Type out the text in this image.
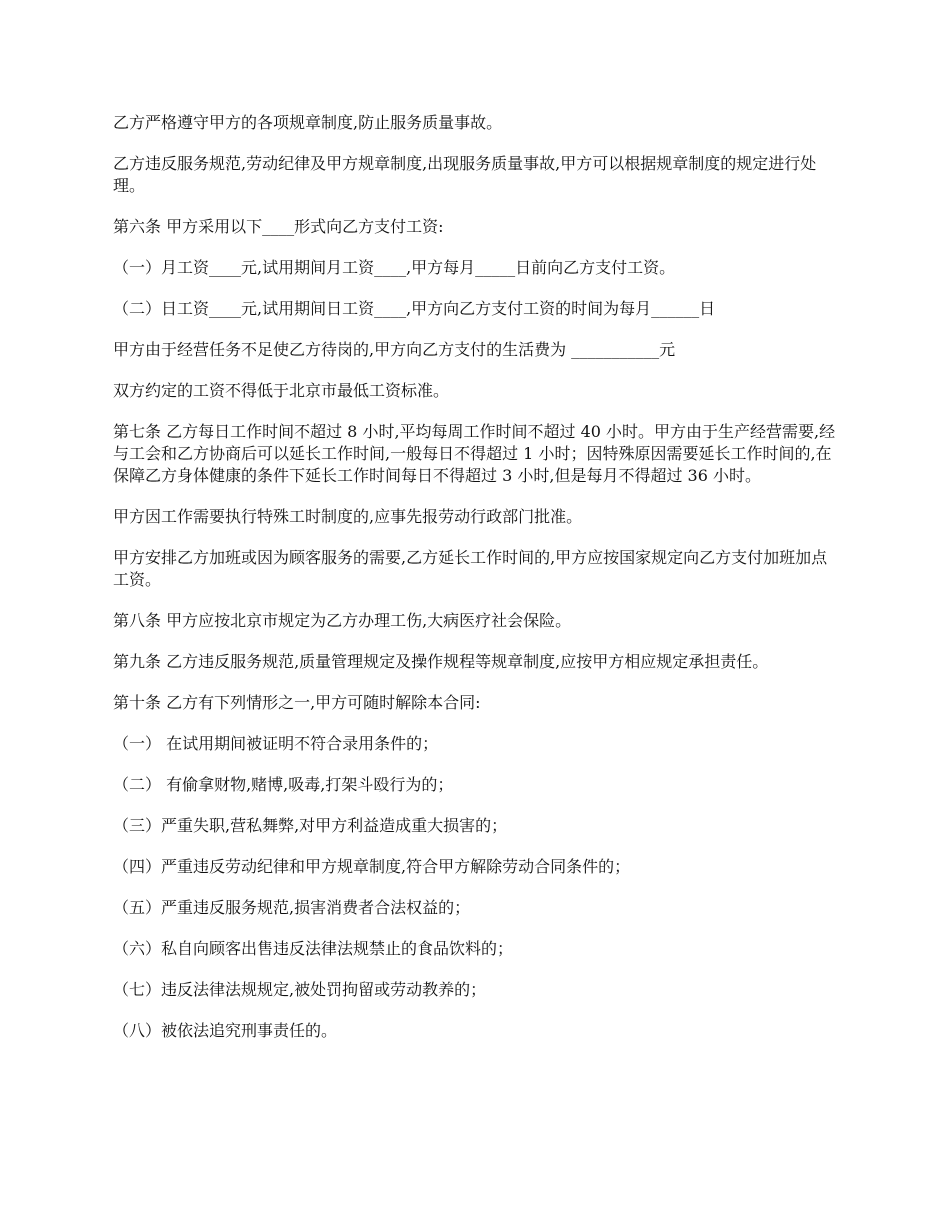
乙方严格遵守甲方的各项规章制度,防止服务质量事故。

乙方违反服务规范,劳动纪律及甲方规章制度,出现服务质量事故,甲方可以根据规章制度的规定进行处理。

第六条 甲方采用以下____形式向乙方支付工资:

（一）月工资____元,试用期间月工资____,甲方每月_____日前向乙方支付工资。

（二）日工资____元,试用期间日工资____,甲方向乙方支付工资的时间为每月______日

甲方由于经营任务不足使乙方待岗的,甲方向乙方支付的生活费为 ___________元

双方约定的工资不得低于北京市最低工资标准。

第七条 乙方每日工作时间不超过 8 小时,平均每周工作时间不超过 40 小时。甲方由于生产经营需要,经与工会和乙方协商后可以延长工作时间,一般每日不得超过 1 小时；因特殊原因需要延长工作时间的,在保障乙方身体健康的条件下延长工作时间每日不得超过 3 小时,但是每月不得超过 36 小时。

甲方因工作需要执行特殊工时制度的,应事先报劳动行政部门批准。

甲方安排乙方加班或因为顾客服务的需要,乙方延长工作时间的,甲方应按国家规定向乙方支付加班加点工资。

第八条 甲方应按北京市规定为乙方办理工伤,大病医疗社会保险。

第九条 乙方违反服务规范,质量管理规定及操作规程等规章制度,应按甲方相应规定承担责任。

第十条 乙方有下列情形之一,甲方可随时解除本合同:

（一） 在试用期间被证明不符合录用条件的；

（二） 有偷拿财物,赌博,吸毒,打架斗殴行为的；

（三）严重失职,营私舞弊,对甲方利益造成重大损害的；

（四）严重违反劳动纪律和甲方规章制度,符合甲方解除劳动合同条件的；

（五）严重违反服务规范,损害消费者合法权益的；

（六）私自向顾客出售违反法律法规禁止的食品饮料的；

（七）违反法律法规规定,被处罚拘留或劳动教养的；

（八）被依法追究刑事责任的。
